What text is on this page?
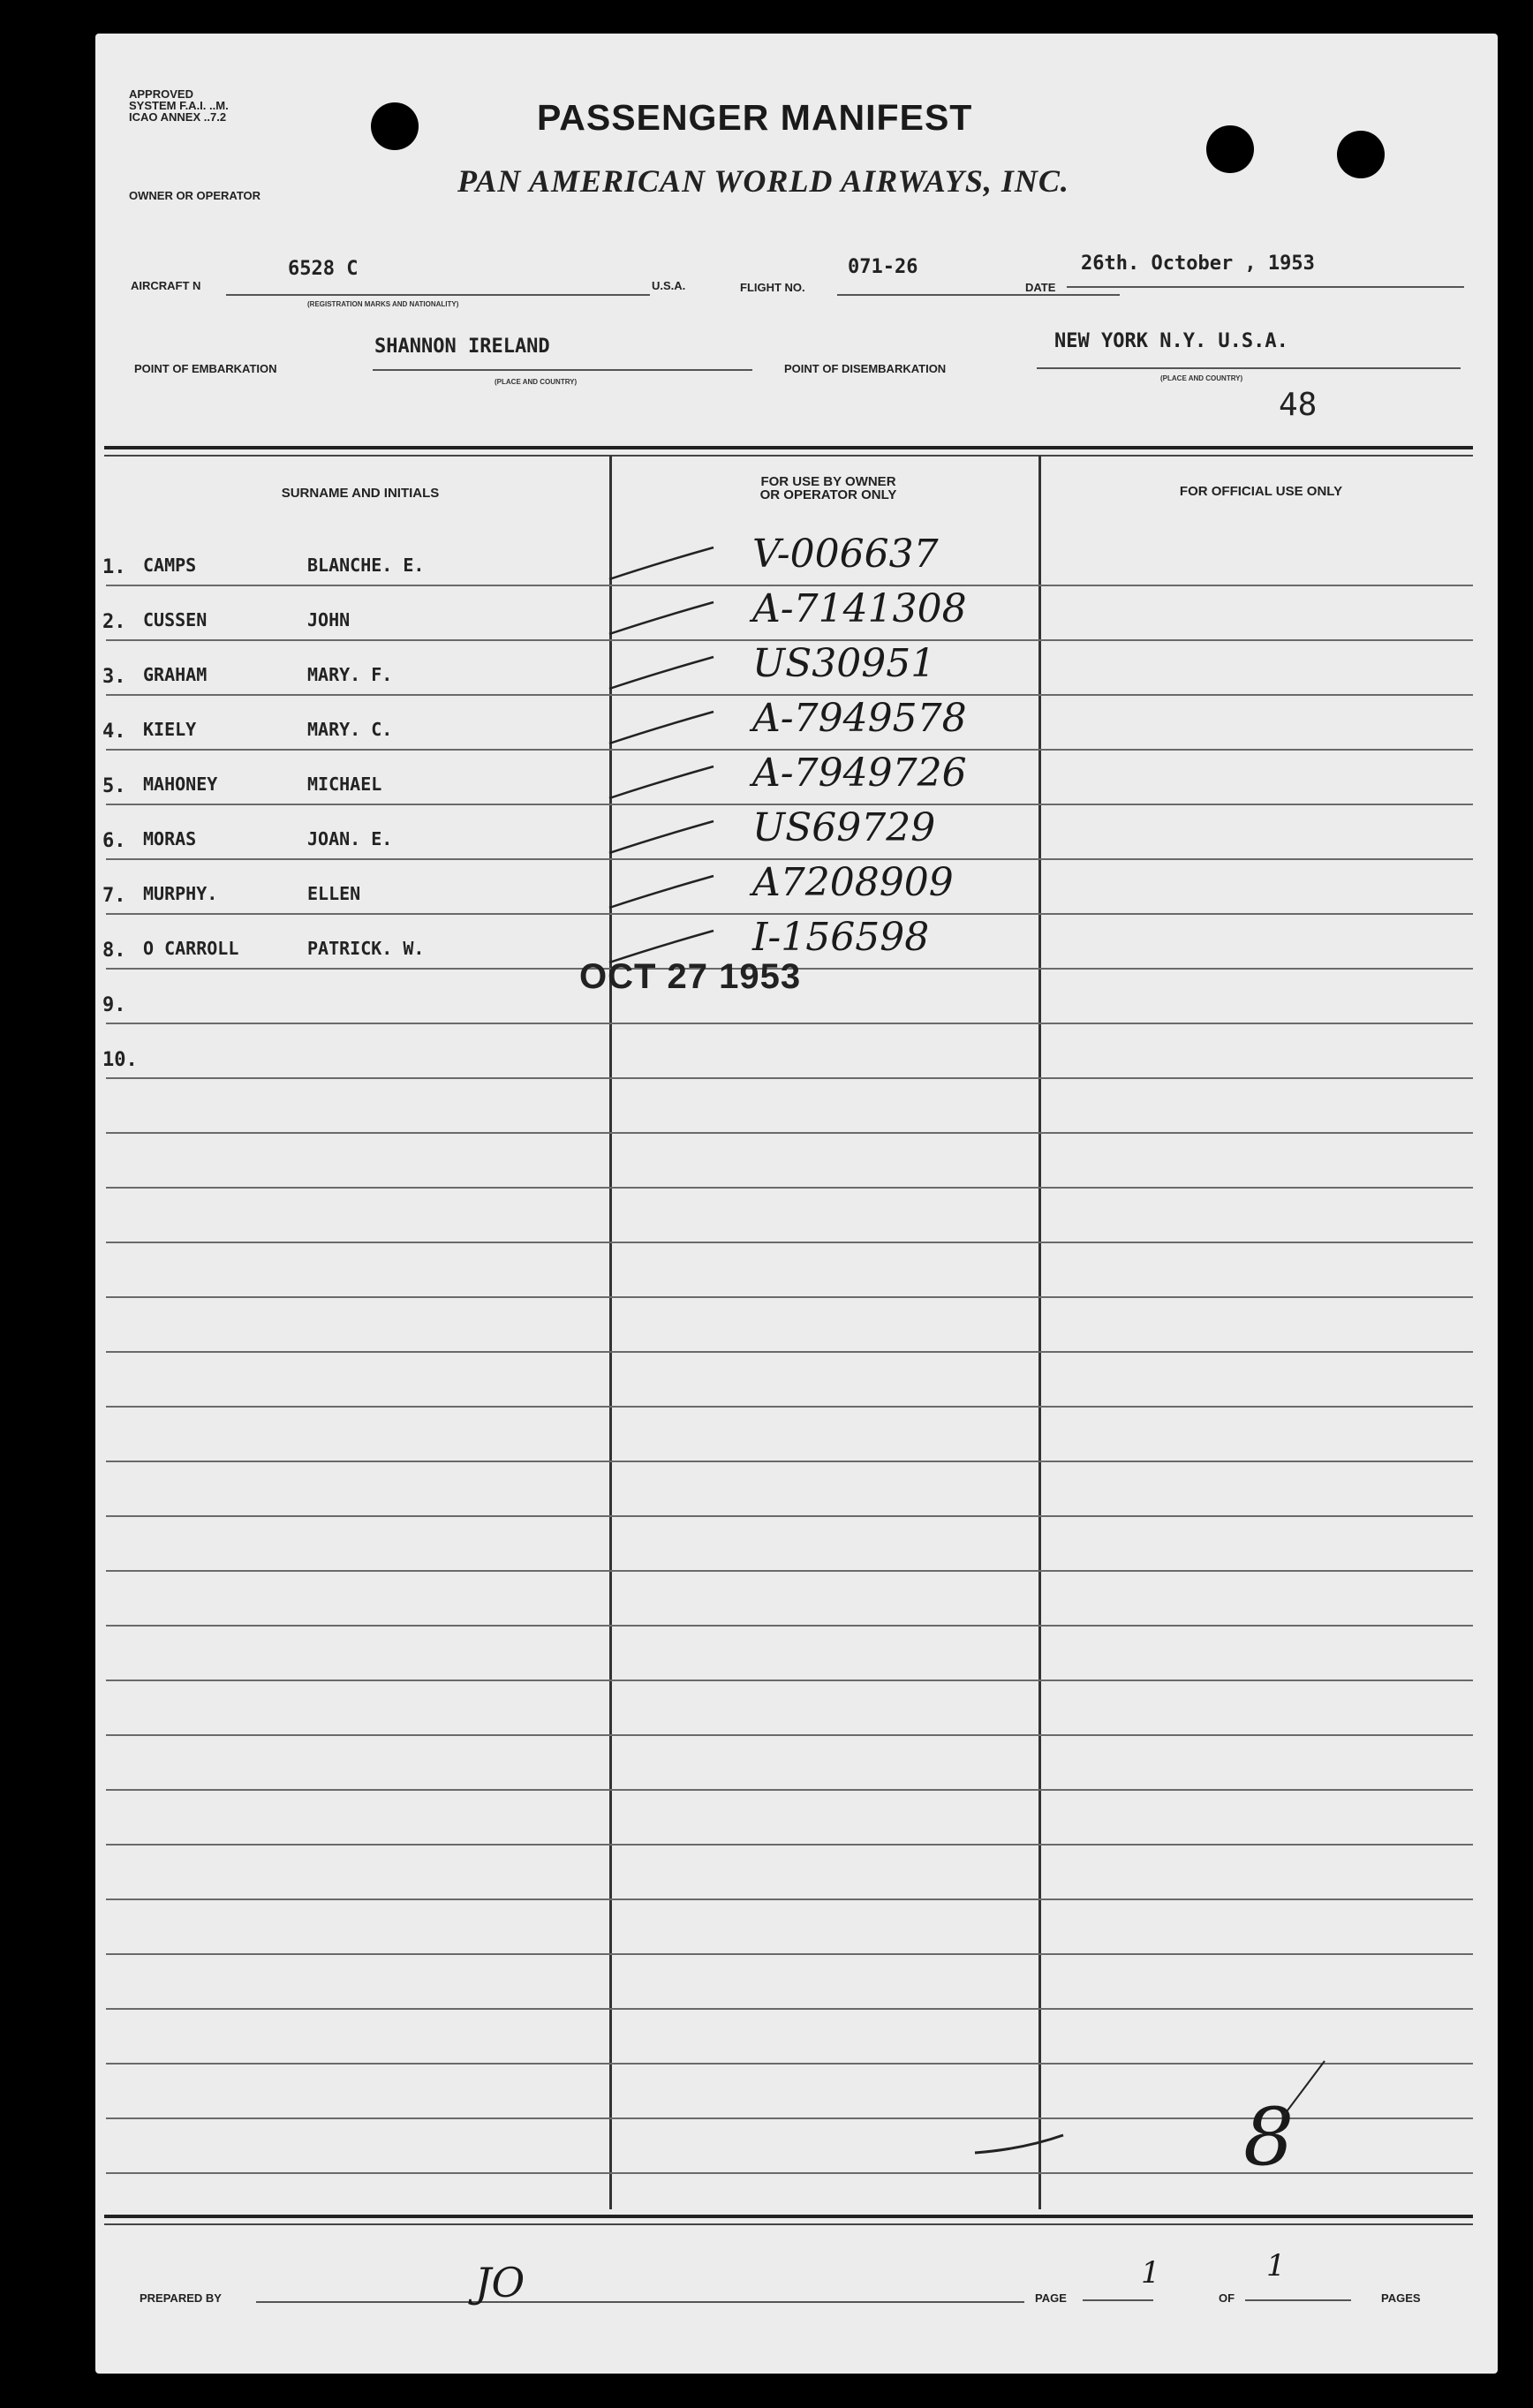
APPROVED
SYSTEM F.A.I. ..M.
ICAO ANNEX ..7.2	PASSENGER MANIFEST
PAN AMERICAN WORLD AIRWAYS, INC.
OWNER OR OPERATOR
AIRCRAFT N
6528 C
(REGISTRATION MARKS AND NATIONALITY)
U.S.A.	FLIGHT NO.
071-26
DATE
26th. October , 1953
POINT OF EMBARKATION
SHANNON IRELAND
(PLACE AND COUNTRY)
POINT OF DISEMBARKATION
NEW YORK N.Y. U.S.A.
(PLACE AND COUNTRY)
48
SURNAME AND INITIALS
FOR USE BY OWNER
OR OPERATOR ONLY	FOR OFFICIAL USE ONLY
1. CAMPS	BLANCHE. E.	V-006637
2. CUSSEN	JOHN	A-7141308
3. GRAHAM	MARY. F.	US30951
4. KIELY	MARY. C.	A-7949578
5. MAHONEY	MICHAEL	A-7949726
6. MORAS	JOAN. E.	US69729
7. MURPHY.	ELLEN	A7208909
8. O CARROLL	PATRICK. W.	I-156598
9.
10.
OCT 27 1953
8
PREPARED BY	JO	PAGE
1
OF
1
PAGES
